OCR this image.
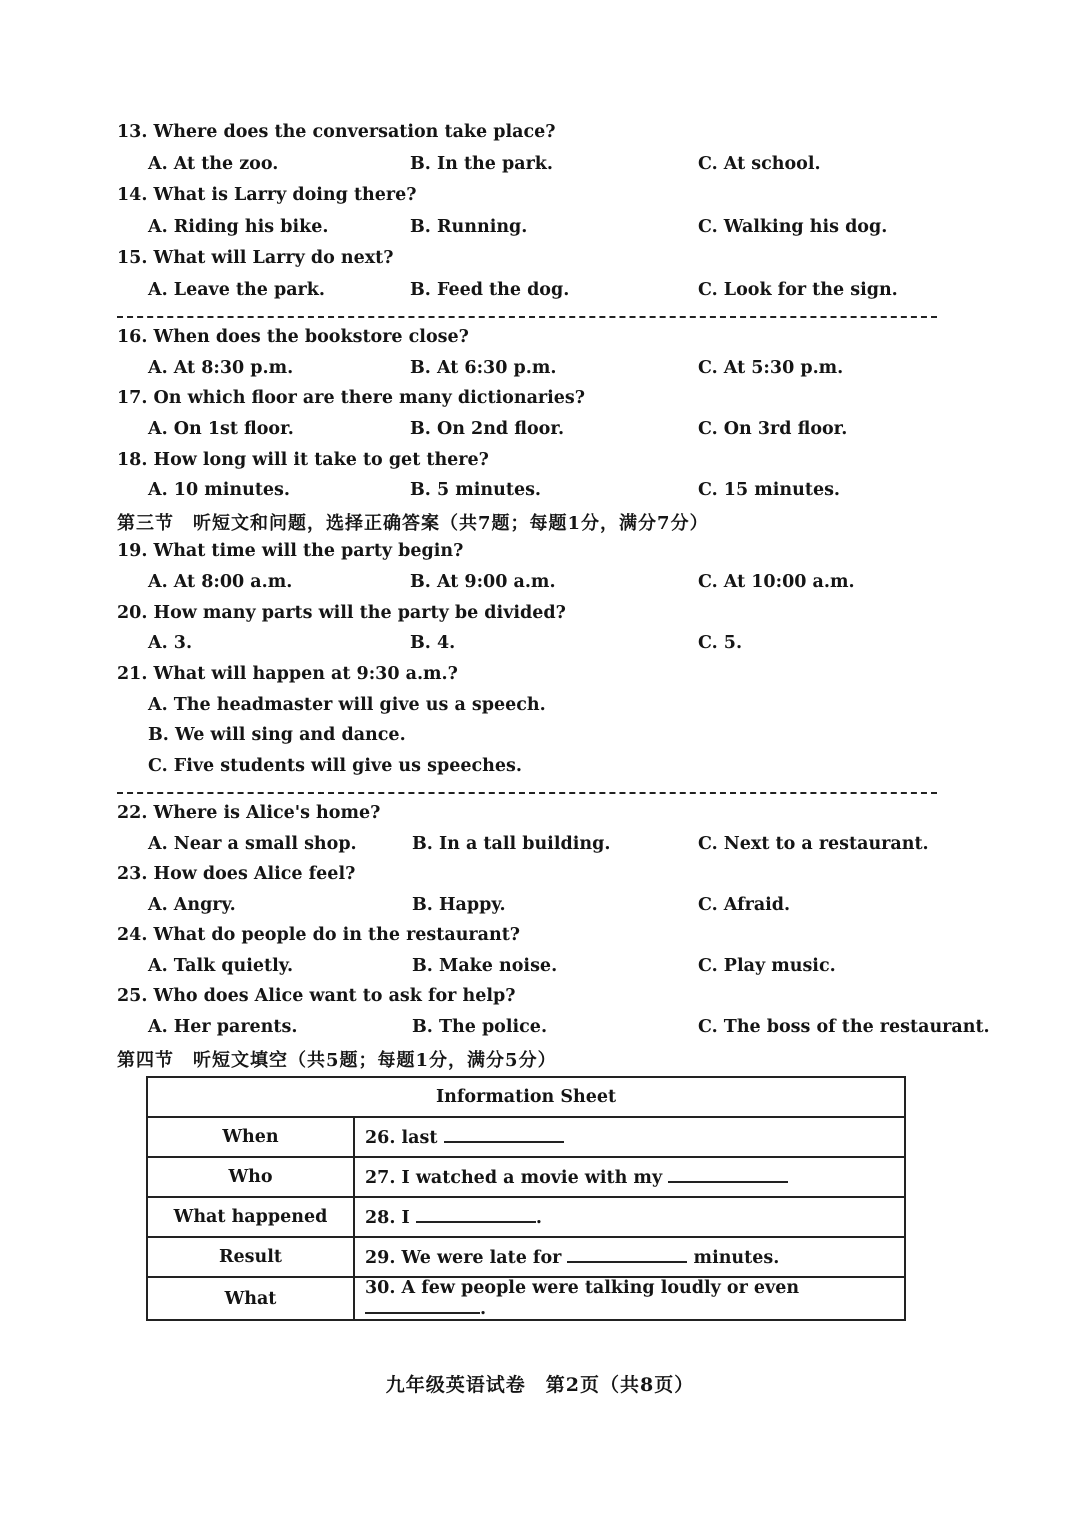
13. Where does the conversation take place?
A. At the zoo.	B. In the park.	C. At school.
14. What is Larry doing there?
A. Riding his bike.	B. Running.	C. Walking his dog.
15. What will Larry do next?
A. Leave the park.	B. Feed the dog.	C. Look for the sign.
16. When does the bookstore close?
A. At 8:30 p.m.	B. At 6:30 p.m.	C. At 5:30 p.m.
17. On which floor are there many dictionaries?
A. On 1st floor.	B. On 2nd floor.	C. On 3rd floor.
18. How long will it take to get there?
A. 10 minutes.	B. 5 minutes.	C. 15 minutes.
第三节　听短文和问题，选择正确答案（共7题；每题1分，满分7分）
19. What time will the party begin?
A. At 8:00 a.m.	B. At 9:00 a.m.	C. At 10:00 a.m.
20. How many parts will the party be divided?
A. 3.	B. 4.	C. 5.
21. What will happen at 9:30 a.m.?
A. The headmaster will give us a speech.
B. We will sing and dance.
C. Five students will give us speeches.
22. Where is Alice's home?
A. Near a small shop.	B. In a tall building.	C. Next to a restaurant.
23. How does Alice feel?
A. Angry.	B. Happy.	C. Afraid.
24. What do people do in the restaurant?
A. Talk quietly.	B. Make noise.	C. Play music.
25. Who does Alice want to ask for help?
A. Her parents.	B. The police.	C. The boss of the restaurant.
第四节　听短文填空（共5题；每题1分，满分5分）
Information Sheet	
When	26. last
Who	27. I watched a movie with my
What happened	28. I .
Result	29. We were late for minutes.
What	30. A few people were talking loudly or even .
九年级英语试卷　第2页（共8页）
